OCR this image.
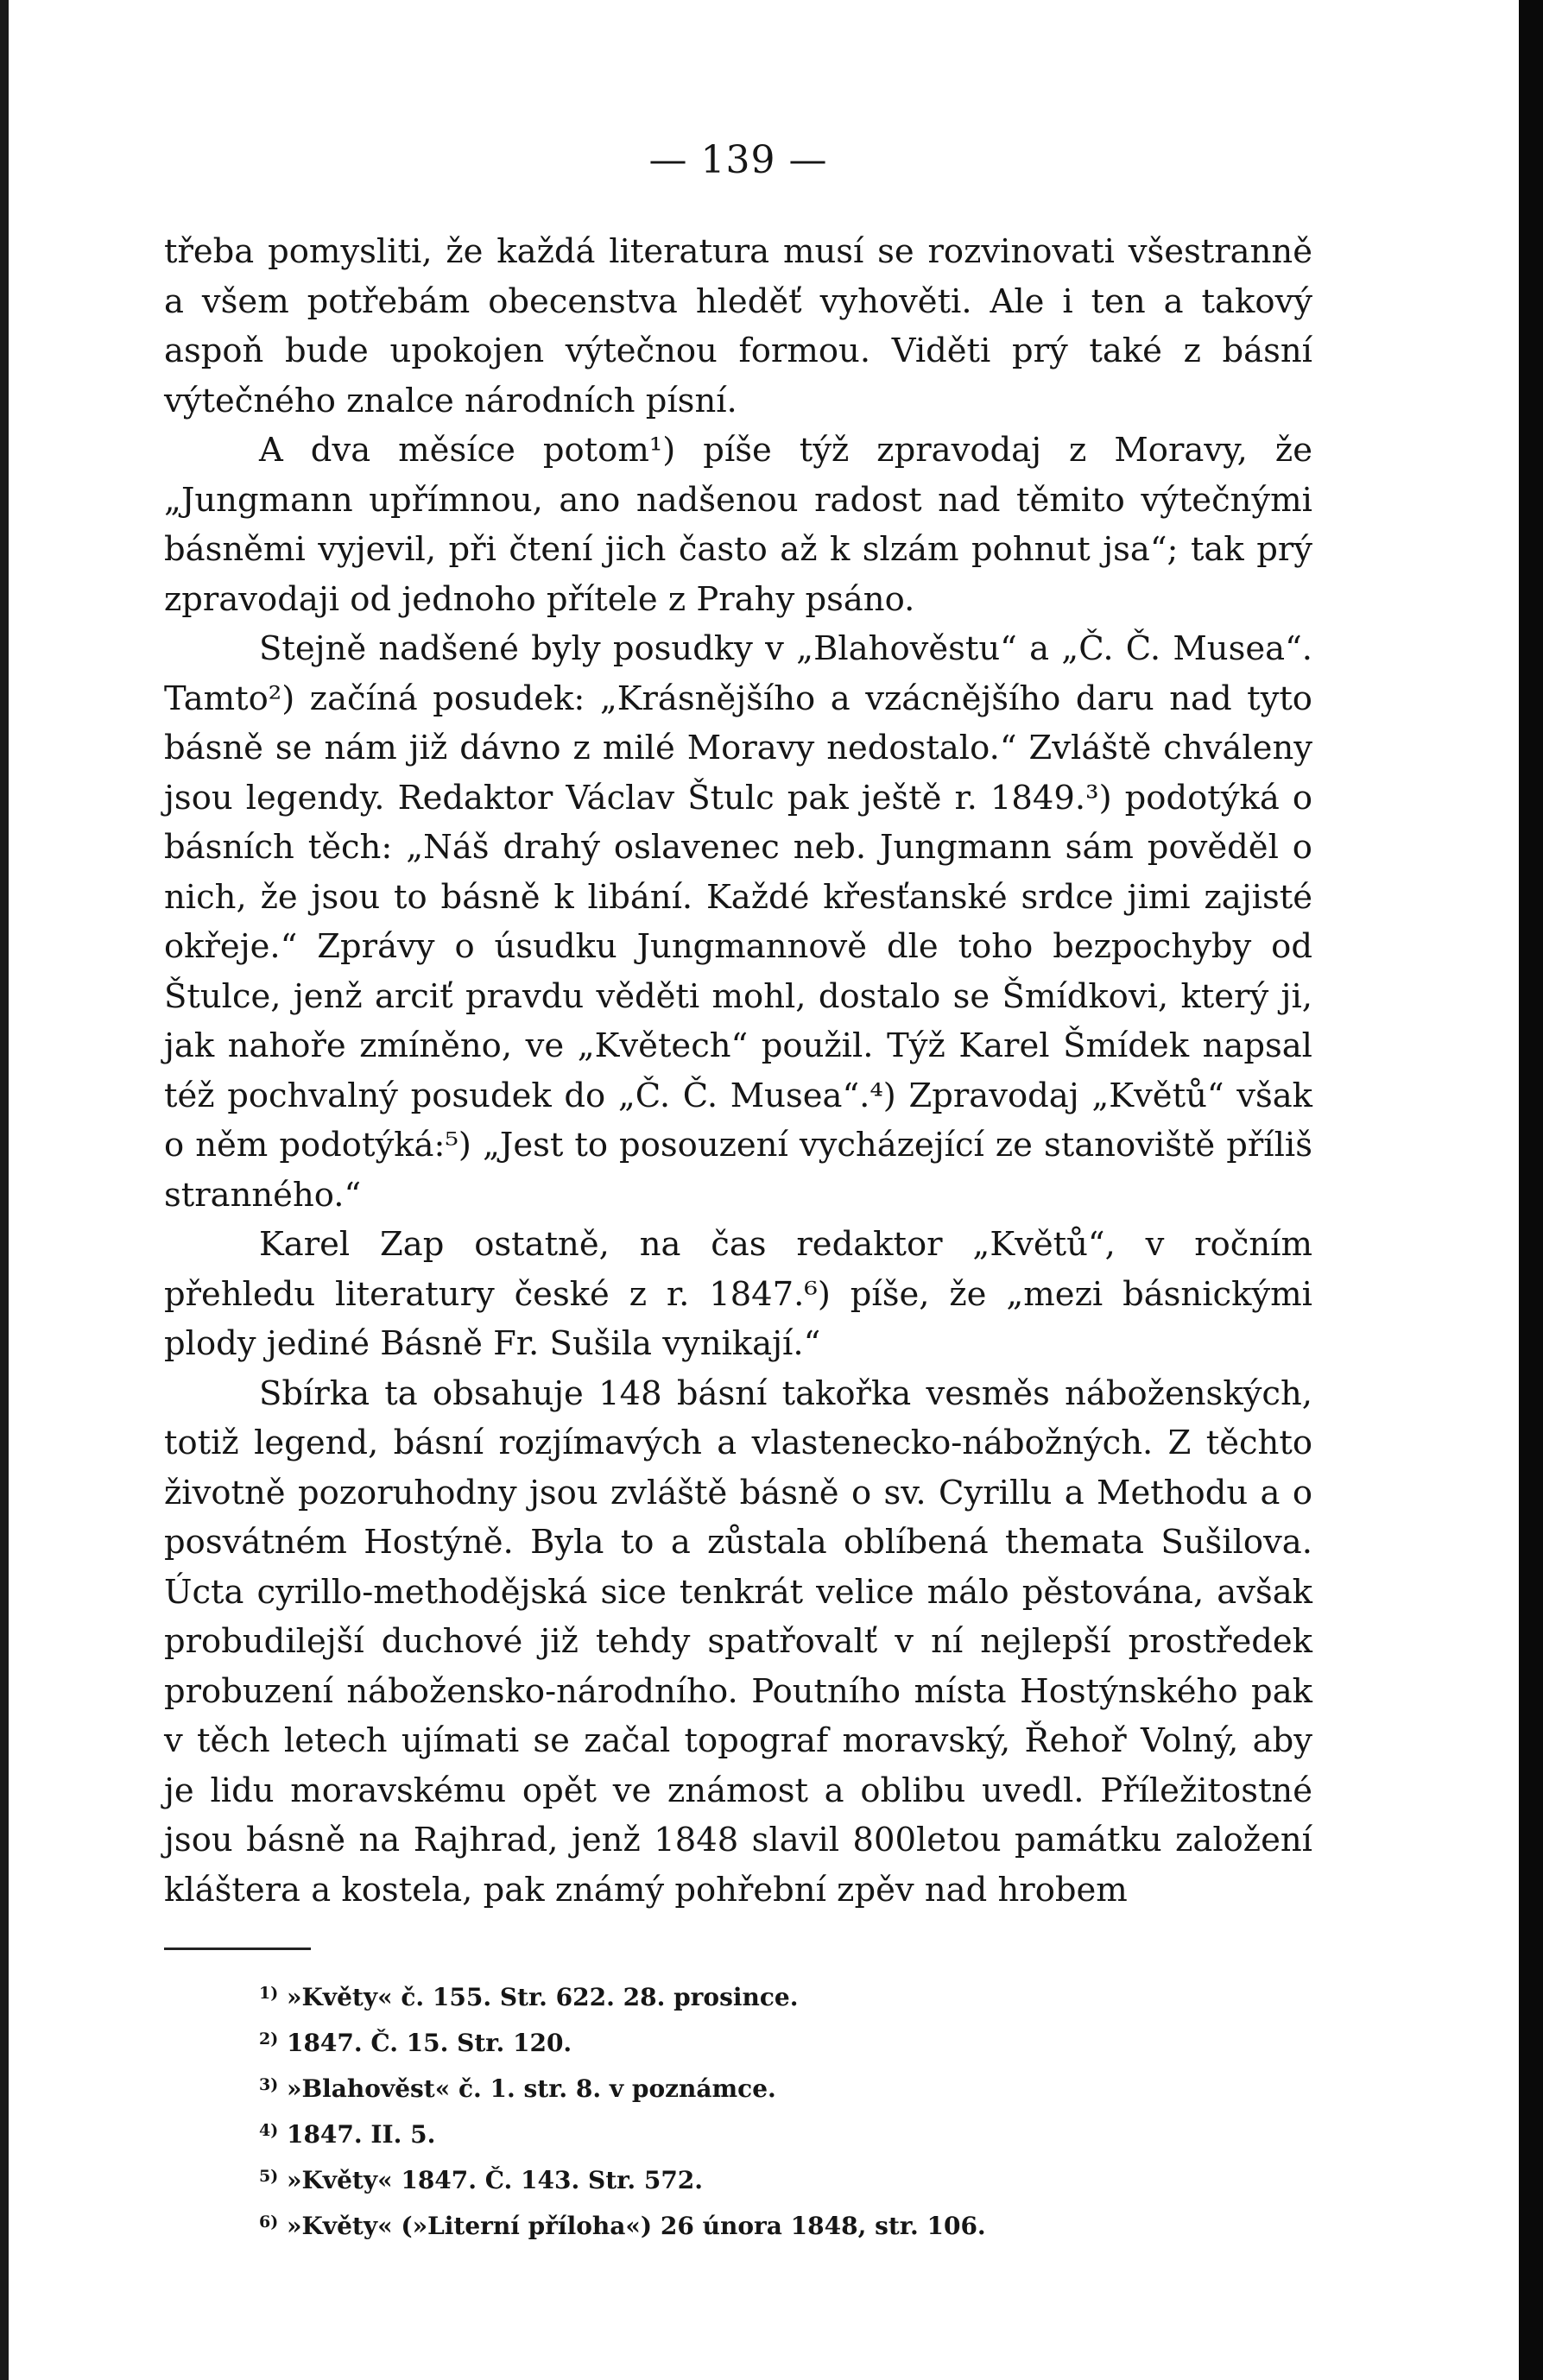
— 139 —

třeba pomysliti, že každá literatura musí se rozvinovati všestranně a všem potřebám obecenstva hleděť vyhověti. Ale i ten a takový aspoň bude upokojen výtečnou formou. Viděti prý také z básní výtečného znalce národních písní.

A dva měsíce potom¹) píše týž zpravodaj z Moravy, že „Jungmann upřímnou, ano nadšenou radost nad těmito výtečnými básněmi vyjevil, při čtení jich často až k slzám pohnut jsa“; tak prý zpravodaji od jednoho přítele z Prahy psáno.

Stejně nadšené byly posudky v „Blahověstu“ a „Č. Č. Musea“. Tamto²) začíná posudek: „Krásnějšího a vzácnějšího daru nad tyto básně se nám již dávno z milé Moravy nedostalo.“ Zvláště chváleny jsou legendy. Redaktor Václav Štulc pak ještě r. 1849.³) podotýká o básních těch: „Náš drahý oslavenec neb. Jungmann sám pověděl o nich, že jsou to básně k libání. Každé křesťanské srdce jimi zajisté okřeje.“ Zprávy o úsudku Jungmannově dle toho bezpochyby od Štulce, jenž arciť pravdu věděti mohl, dostalo se Šmídkovi, který ji, jak nahoře zmíněno, ve „Květech“ použil. Týž Karel Šmídek napsal též pochvalný posudek do „Č. Č. Musea“.⁴) Zpravodaj „Květů“ však o něm podotýká:⁵) „Jest to posouzení vycházející ze stanoviště příliš stranného.“

Karel Zap ostatně, na čas redaktor „Květů“, v ročním přehledu literatury české z r. 1847.⁶) píše, že „mezi básnickými plody jediné Básně Fr. Sušila vynikají.“

Sbírka ta obsahuje 148 básní takořka vesměs náboženských, totiž legend, básní rozjímavých a vlastenecko-nábožných. Z těchto životně pozoruhodny jsou zvláště básně o sv. Cyrillu a Methodu a o posvátném Hostýně. Byla to a zůstala oblíbená themata Sušilova. Úcta cyrillo-methodějská sice tenkrát velice málo pěstována, avšak probudilejší duchové již tehdy spatřovalť v ní nejlepší prostředek probuzení nábožensko-národního. Poutního místa Hostýnského pak v těch letech ujímati se začal topograf moravský, Řehoř Volný, aby je lidu moravskému opět ve známost a oblibu uvedl. Příležitostné jsou básně na Rajhrad, jenž 1848 slavil 800letou památku založení kláštera a kostela, pak známý pohřební zpěv nad hrobem

$^{1)}$ »Květy« č. 155. Str. 622. 28. prosince.
$^{2)}$ 1847. Č. 15. Str. 120.
$^{3)}$ »Blahověst« č. 1. str. 8. v poznámce.
$^{4)}$ 1847. II. 5.
$^{5)}$ »Květy« 1847. Č. 143. Str. 572.
$^{6)}$ »Květy« (»Literní příloha«) 26 února 1848, str. 106.
